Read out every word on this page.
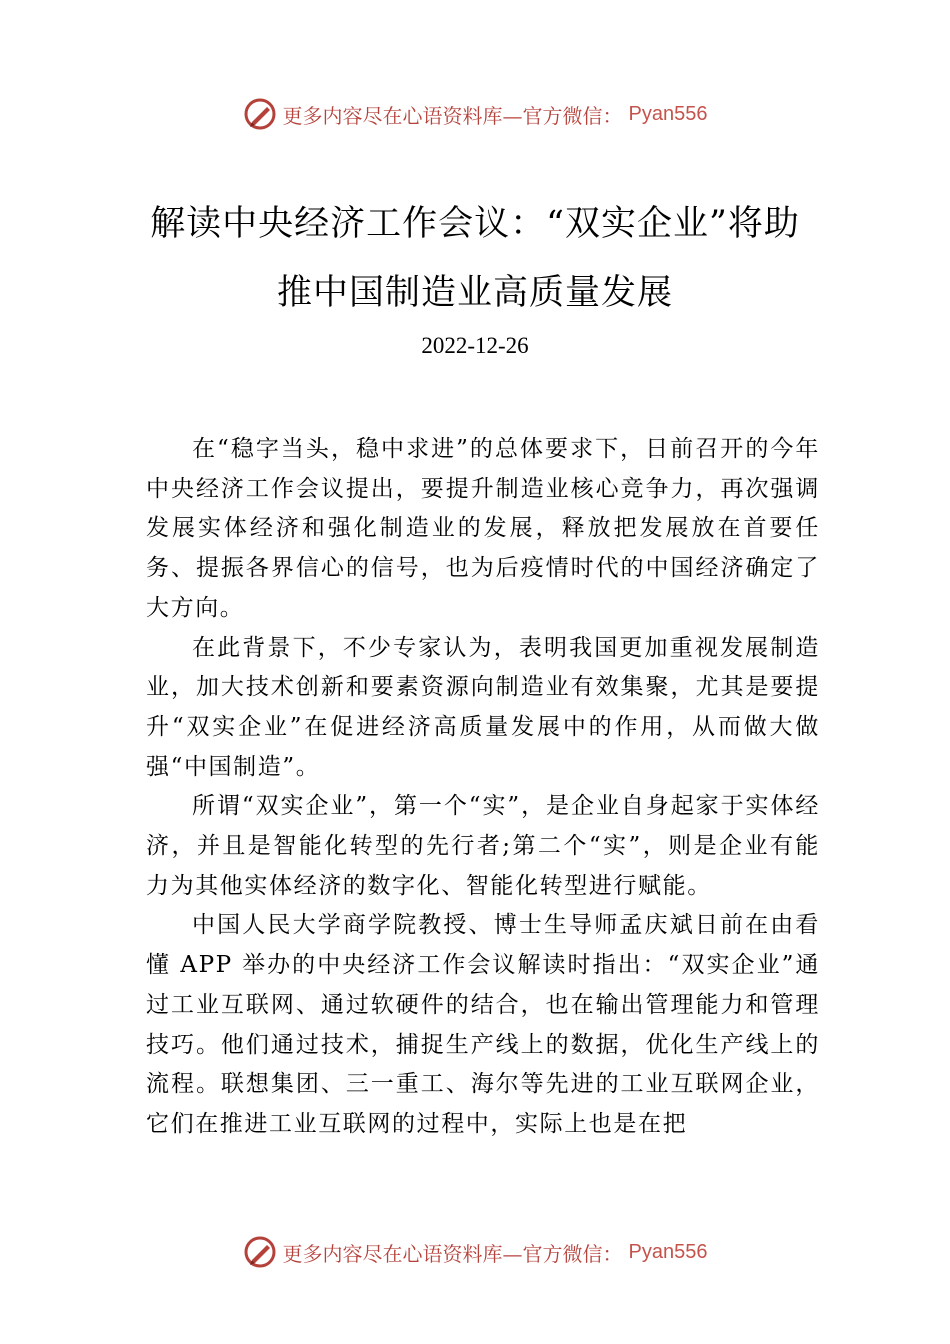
更多内容尽在心语资料库—官方微信： Pyan556
解读中央经济工作会议：“双实企业”将助
推中国制造业高质量发展
2022-12-26

在“稳字当头，稳中求进”的总体要求下，日前召开的今年中央经济工作会议提出，要提升制造业核心竞争力，再次强调发展实体经济和强化制造业的发展，释放把发展放在首要任务、提振各界信心的信号，也为后疫情时代的中国经济确定了大方向。

在此背景下，不少专家认为，表明我国更加重视发展制造业，加大技术创新和要素资源向制造业有效集聚，尤其是要提升“双实企业”在促进经济高质量发展中的作用，从而做大做强“中国制造”。

所谓“双实企业”，第一个“实”，是企业自身起家于实体经济，并且是智能化转型的先行者;第二个“实”，则是企业有能力为其他实体经济的数字化、智能化转型进行赋能。

中国人民大学商学院教授、博士生导师孟庆斌日前在由看懂 APP 举办的中央经济工作会议解读时指出：“双实企业”通过工业互联网、通过软硬件的结合，也在输出管理能力和管理技巧。他们通过技术，捕捉生产线上的数据，优化生产线上的流程。联想集团、三一重工、海尔等先进的工业互联网企业，它们在推进工业互联网的过程中，实际上也是在把

更多内容尽在心语资料库—官方微信： Pyan556
